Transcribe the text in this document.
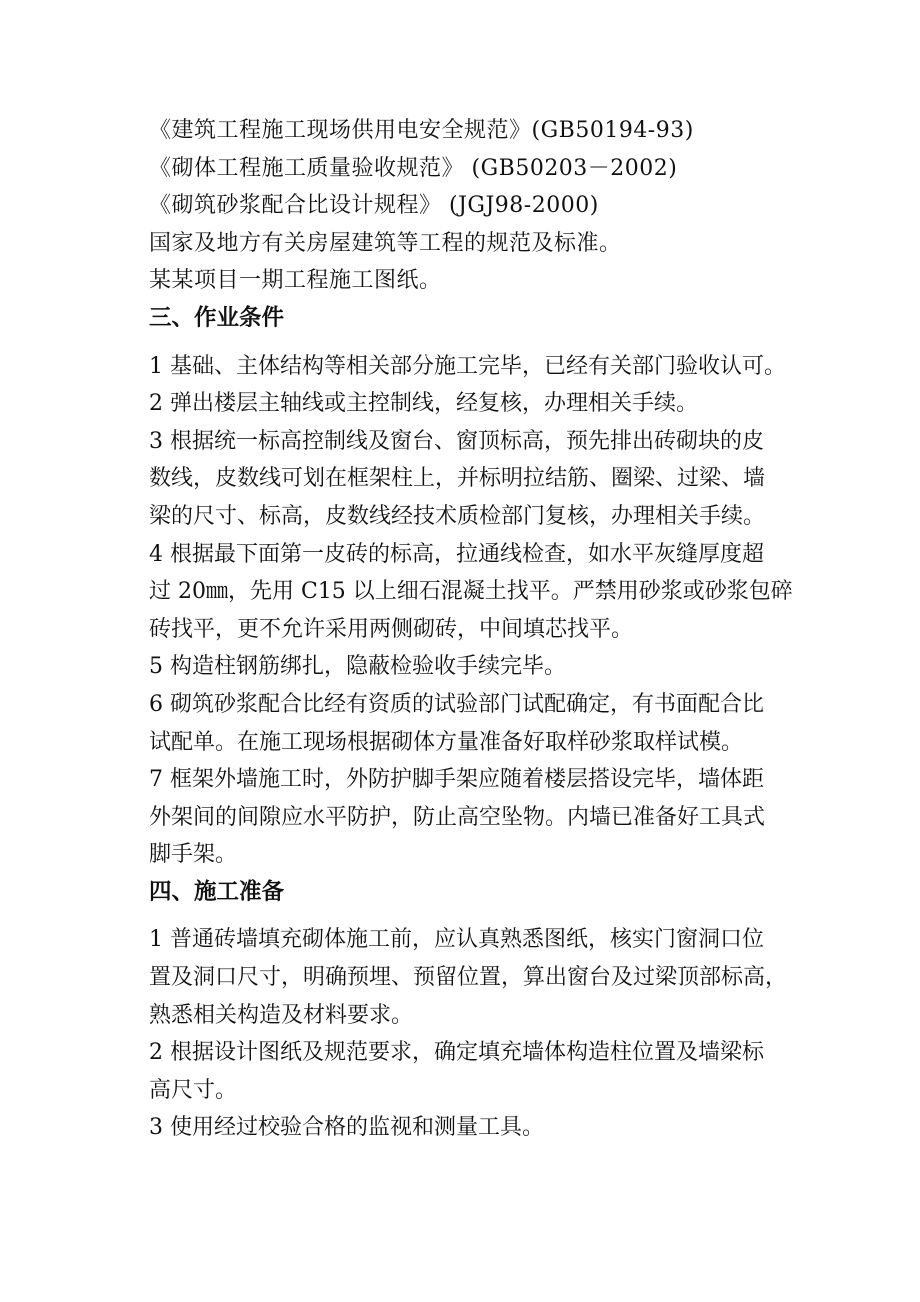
《建筑工程施工现场供用电安全规范》(GB50194-93)
《砌体工程施工质量验收规范》 (GB50203－2002)
《砌筑砂浆配合比设计规程》 (JGJ98-2000)
国家及地方有关房屋建筑等工程的规范及标准。
某某项目一期工程施工图纸。
三、作业条件
1 基础、主体结构等相关部分施工完毕，已经有关部门验收认可。
2 弹出楼层主轴线或主控制线，经复核，办理相关手续。
3 根据统一标高控制线及窗台、窗顶标高，预先排出砖砌块的皮
数线，皮数线可划在框架柱上，并标明拉结筋、圈梁、过梁、墙
梁的尺寸、标高，皮数线经技术质检部门复核，办理相关手续。
4 根据最下面第一皮砖的标高，拉通线检查，如水平灰缝厚度超
过 20㎜，先用 C15 以上细石混凝土找平。严禁用砂浆或砂浆包碎
砖找平，更不允许采用两侧砌砖，中间填芯找平。
5 构造柱钢筋绑扎，隐蔽检验收手续完毕。
6 砌筑砂浆配合比经有资质的试验部门试配确定，有书面配合比
试配单。在施工现场根据砌体方量准备好取样砂浆取样试模。
7 框架外墙施工时，外防护脚手架应随着楼层搭设完毕，墙体距
外架间的间隙应水平防护，防止高空坠物。内墙已准备好工具式
脚手架。
四、施工准备
1 普通砖墙填充砌体施工前，应认真熟悉图纸，核实门窗洞口位
置及洞口尺寸，明确预埋、预留位置，算出窗台及过梁顶部标高，
熟悉相关构造及材料要求。
2 根据设计图纸及规范要求，确定填充墙体构造柱位置及墙梁标
高尺寸。
3 使用经过校验合格的监视和测量工具。
